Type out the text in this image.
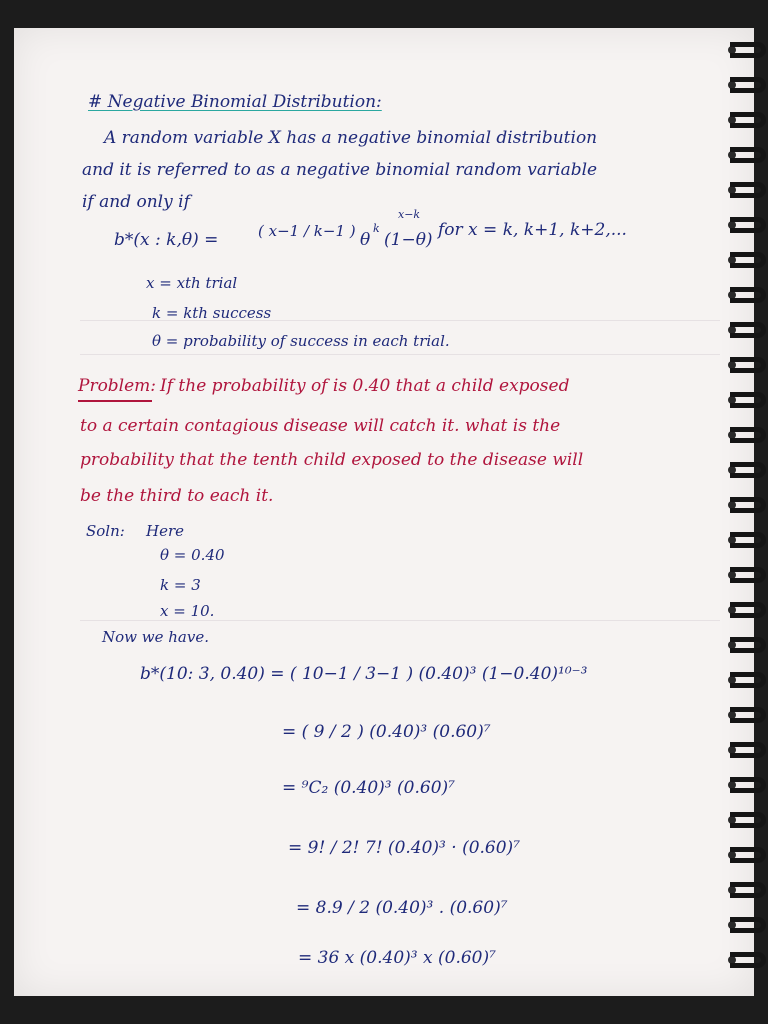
# Negative Binomial Distribution:
A random variable X has a negative binomial distribution
and it is referred to as a negative binomial random variable
if and only if
b*(x : k,θ) =	( x−1 / k−1 ) θ
k
(1−θ)
x−k
for x = k, k+1, k+2,...
x = xth trial
k = kth success
θ = probability of success in each trial.
Problem: If the probability of is 0.40 that a child exposed
to a certain contagious disease will catch it. what is the
probability that the tenth child exposed to the disease will
be the third to each it.
Soln: Here
θ = 0.40
k = 3
x = 10.
Now we have.
b*(10: 3, 0.40) = ( 10−1 / 3−1 ) (0.40)³ (1−0.40)¹⁰⁻³
= ( 9 / 2 ) (0.40)³ (0.60)⁷
= ⁹C₂ (0.40)³ (0.60)⁷
= 9! / 2! 7! (0.40)³ · (0.60)⁷
= 8.9 / 2 (0.40)³ . (0.60)⁷
= 36 x (0.40)³ x (0.60)⁷
